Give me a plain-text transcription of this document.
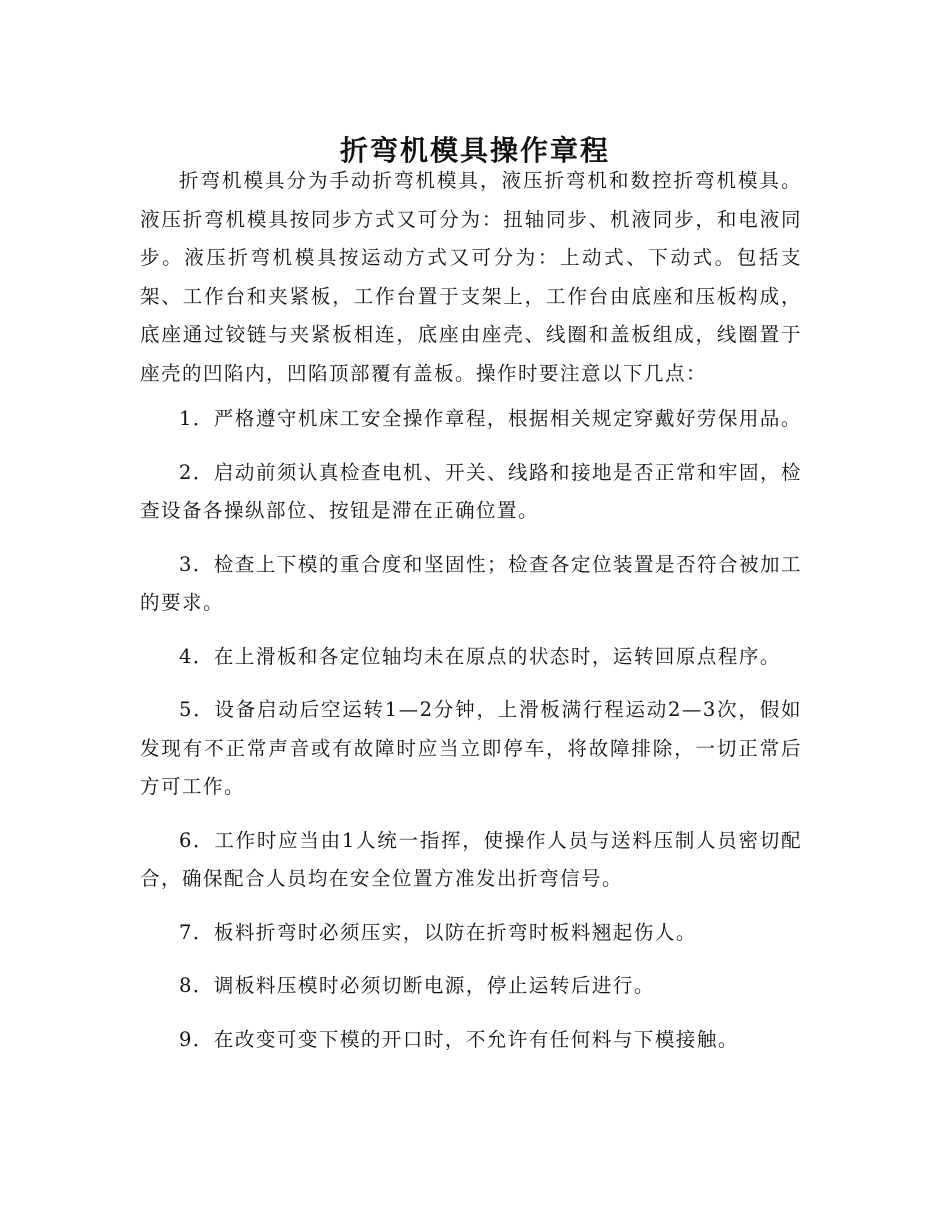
折弯机模具操作章程

折弯机模具分为手动折弯机模具，液压折弯机和数控折弯机模具。液压折弯机模具按同步方式又可分为：扭轴同步、机液同步，和电液同步。液压折弯机模具按运动方式又可分为：上动式、下动式。包括支架、工作台和夹紧板，工作台置于支架上，工作台由底座和压板构成，底座通过铰链与夹紧板相连，底座由座壳、线圈和盖板组成，线圈置于座壳的凹陷内，凹陷顶部覆有盖板。操作时要注意以下几点：

1．严格遵守机床工安全操作章程，根据相关规定穿戴好劳保用品。

2．启动前须认真检查电机、开关、线路和接地是否正常和牢固，检查设备各操纵部位、按钮是滞在正确位置。

3．检查上下模的重合度和坚固性；检查各定位装置是否符合被加工的要求。

4．在上滑板和各定位轴均未在原点的状态时，运转回原点程序。

5．设备启动后空运转1—2分钟，上滑板满行程运动2—3次，假如发现有不正常声音或有故障时应当立即停车，将故障排除，一切正常后方可工作。

6．工作时应当由1人统一指挥，使操作人员与送料压制人员密切配合，确保配合人员均在安全位置方准发出折弯信号。

7．板料折弯时必须压实，以防在折弯时板料翘起伤人。

8．调板料压模时必须切断电源，停止运转后进行。

9．在改变可变下模的开口时，不允许有任何料与下模接触。
